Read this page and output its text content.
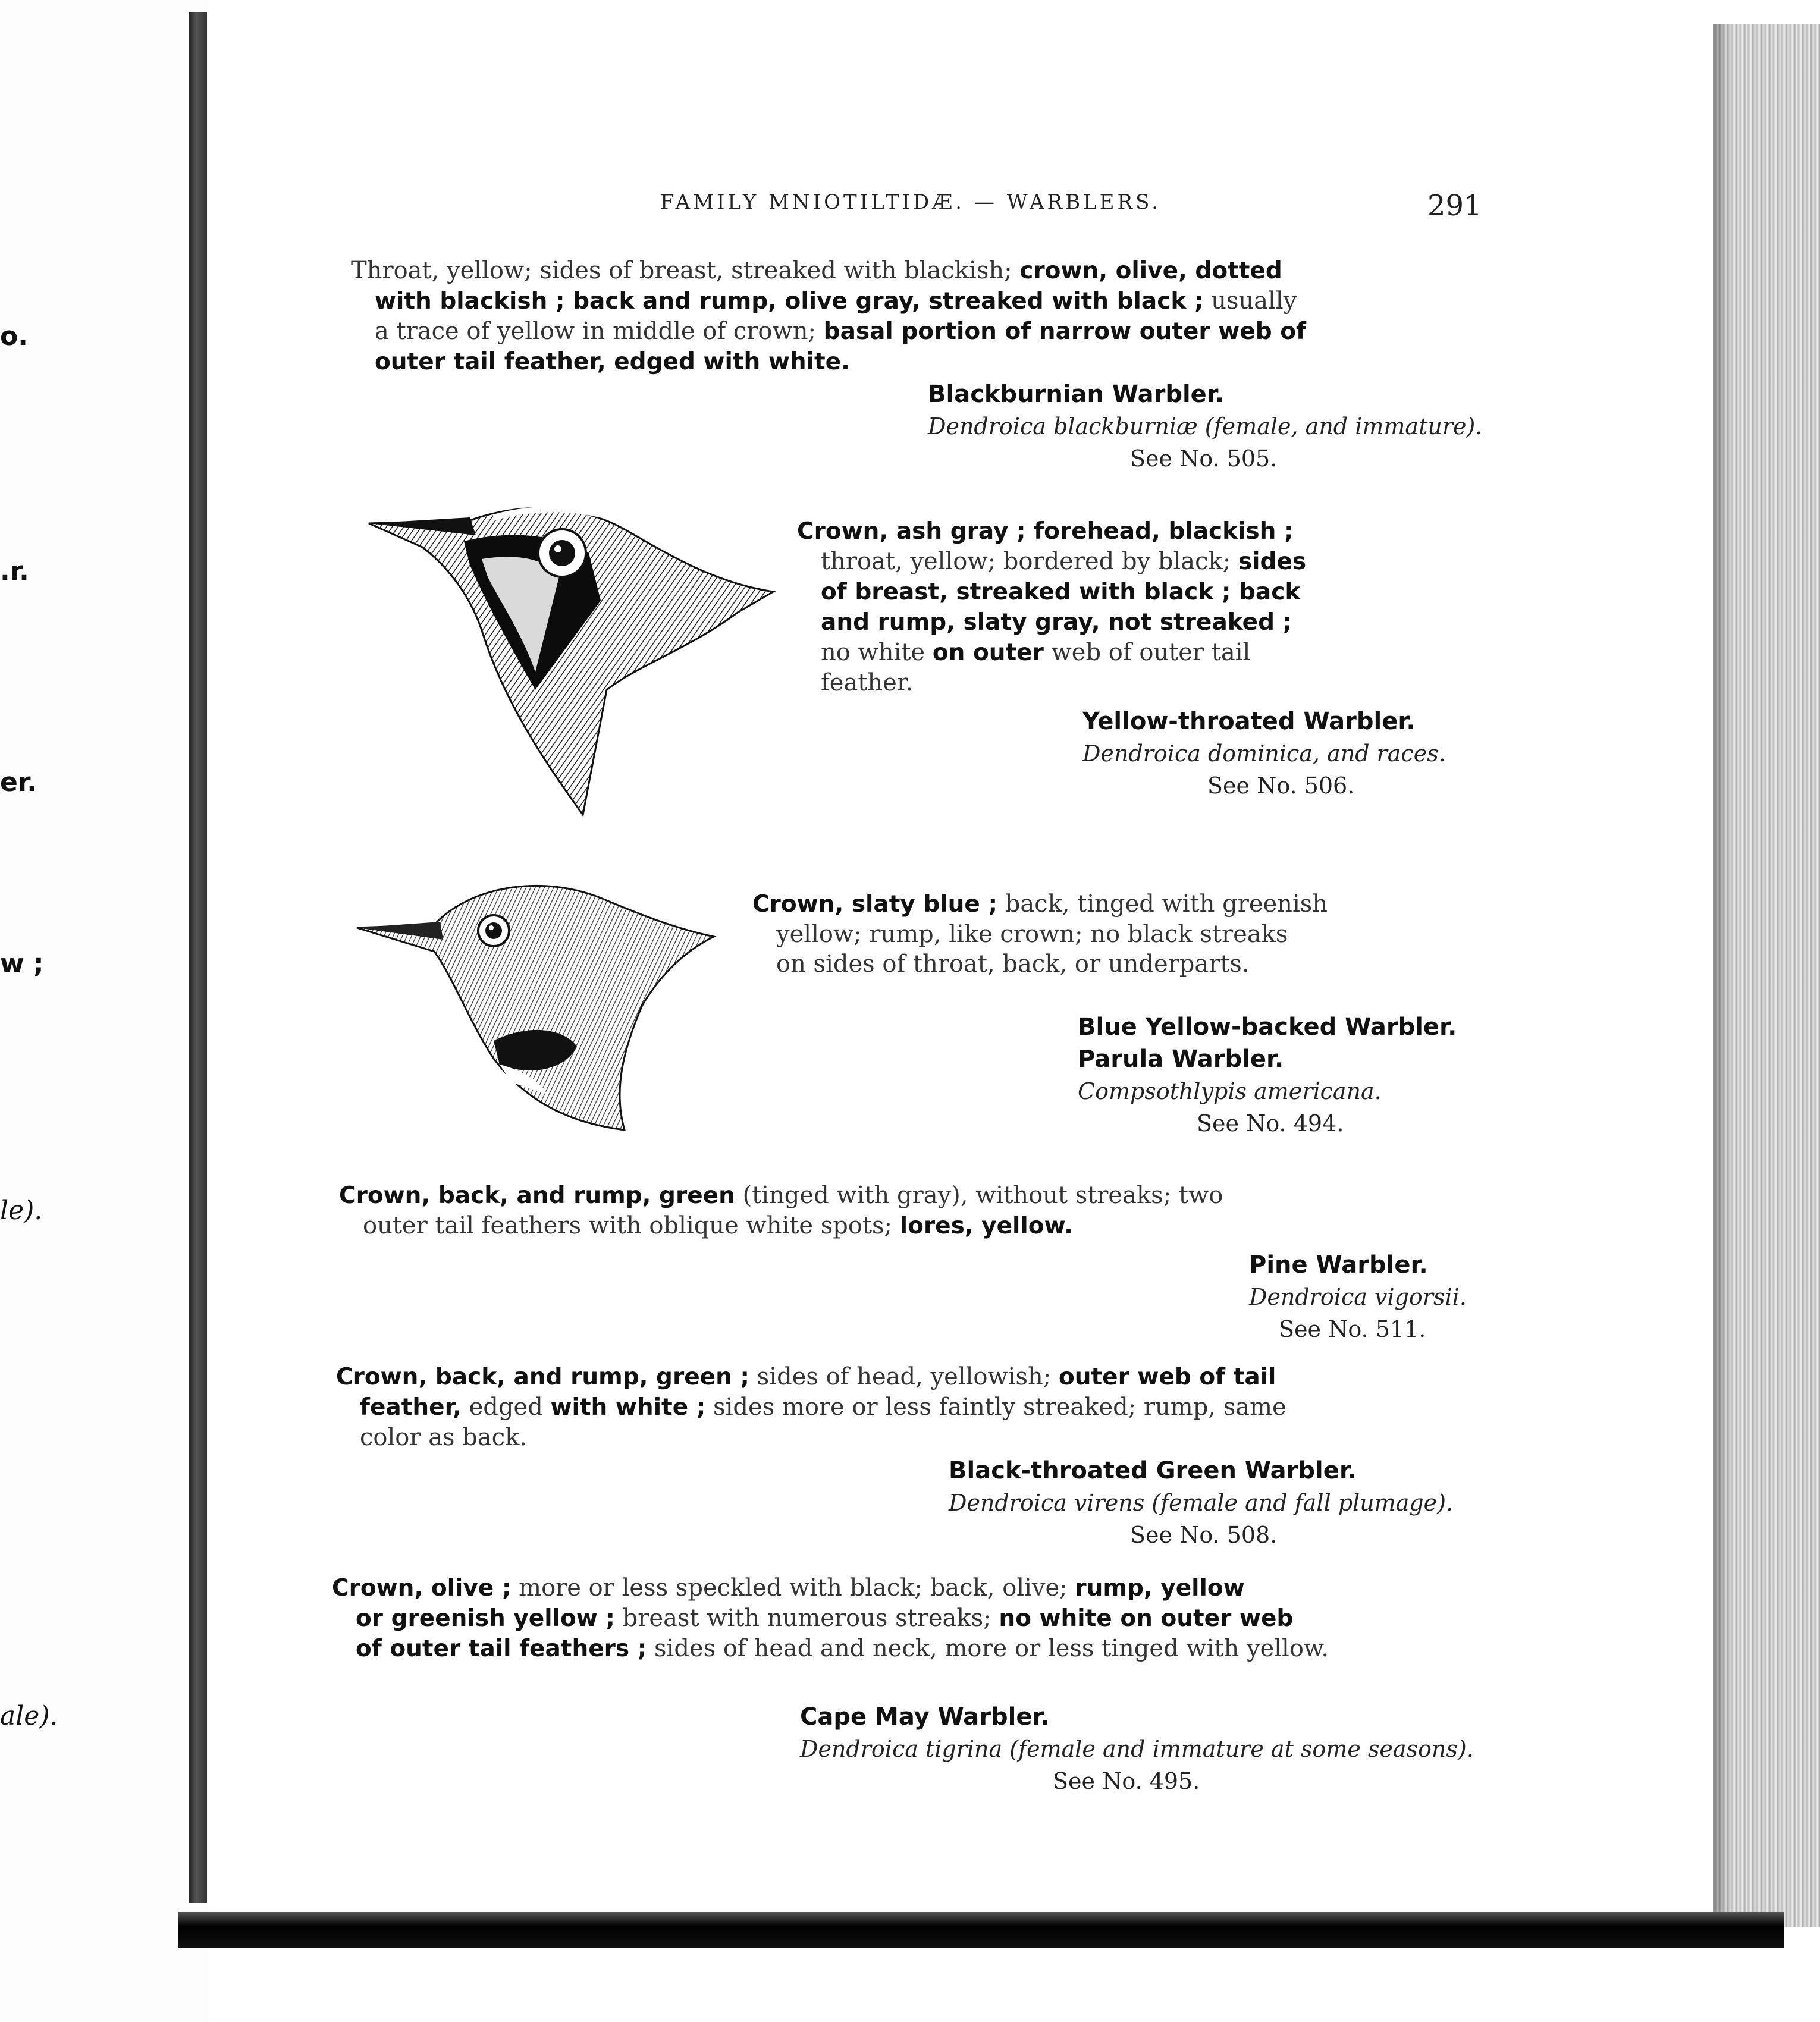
o.
.r.
er.
w ;
le).
ale).
FAMILY MNIOTILTIDÆ. — WARBLERS.	291
Throat, yellow; sides of breast, streaked with blackish; crown, olive, dotted
with blackish ; back and rump, olive gray, streaked with black ; usually
a trace of yellow in middle of crown; basal portion of narrow outer web of
outer tail feather, edged with white.
Blackburnian Warbler.
Dendroica blackburniæ (female, and immature).
See No. 505.
Crown, ash gray ; forehead, blackish ;
throat, yellow; bordered by black; sides
of breast, streaked with black ; back
and rump, slaty gray, not streaked ;
no white on outer web of outer tail
feather.
Yellow-throated Warbler.
Dendroica dominica, and races.
See No. 506.
Crown, slaty blue ; back, tinged with greenish
yellow; rump, like crown; no black streaks
on sides of throat, back, or underparts.
Blue Yellow-backed Warbler.
Parula Warbler.
Compsothlypis americana.
See No. 494.
Crown, back, and rump, green (tinged with gray), without streaks; two
outer tail feathers with oblique white spots; lores, yellow.
Pine Warbler.
Dendroica vigorsii.
See No. 511.
Crown, back, and rump, green ; sides of head, yellowish; outer web of tail
feather, edged with white ; sides more or less faintly streaked; rump, same
color as back.
Black-throated Green Warbler.
Dendroica virens (female and fall plumage).
See No. 508.
Crown, olive ; more or less speckled with black; back, olive; rump, yellow
or greenish yellow ; breast with numerous streaks; no white on outer web
of outer tail feathers ; sides of head and neck, more or less tinged with yellow.
Cape May Warbler.
Dendroica tigrina (female and immature at some seasons).
See No. 495.
